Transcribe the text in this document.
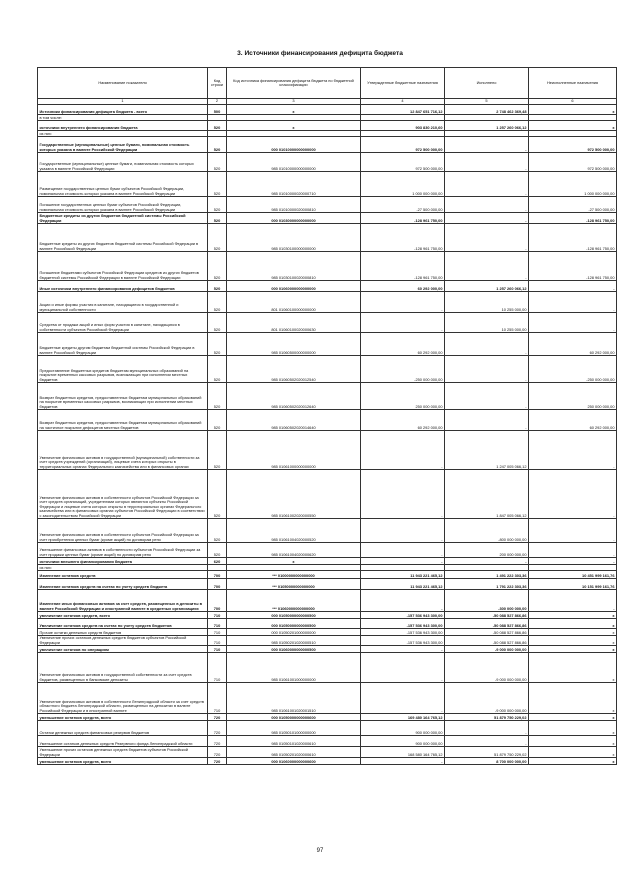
3. Источники финансирования дефицита бюджета
Наименование показателя	Код строки	Код источника финансирования дефицита бюджета по бюджетной классификации	Утвержденные бюджетные назначения	Исполнено	Неисполненные назначения
1	2	3	4	5	6
Источники финансирования дефицита бюджета - всего	500	x	12 847 651 716,12	2 748 462 369,48	x
в том числе:					
источники внутреннего финансирования бюджета	520	x	903 830 210,60	1 257 260 066,12	x
из них:					
Государственные (муниципальные) ценные бумаги, номинальная стоимость которых указана в валюте Российской Федерации	520	000 01010000000000000	972 500 000,00	-	972 500 000,00
Государственные (муниципальные) ценные бумаги, номинальная стоимость которых указана в валюте Российской Федерации	520	985 01010000000000000	972 500 000,00	-	972 500 000,00
Размещение государственных ценных бумаг субъектов Российской Федерации, номинальная стоимость которых указана в валюте Российской Федерации	520	985 01010000020000710	1 000 000 000,00	-	1 000 000 000,00
Погашение государственных ценных бумаг субъектов Российской Федерации, номинальная стоимость которых указана в валюте Российской Федерации	520	985 01010000020000810	-27 500 000,00	-	-27 500 000,00
Бюджетные кредиты из других бюджетов бюджетной системы Российской Федерации	520	000 01030000000000000	-128 961 750,00	-	-128 961 750,00
Бюджетные кредиты из других бюджетов бюджетной системы Российской Федерации в валюте Российской Федерации	520	985 01030100000000000	-128 961 750,00	-	-128 961 750,00
Погашение бюджетами субъектов Российской Федерации кредитов из других бюджетов бюджетной системы Российской Федерации в валюте Российской Федерации	520	985 01030100020000810	-128 961 750,00	-	-128 961 750,00
Иные источники внутреннего финансирования дефицитов бюджетов	520	000 01060000000000000	60 292 000,00	1 257 260 066,12	-
Акции и иные формы участия в капитале, находящиеся в государственной и муниципальной собственности	520	801 01060100000000000	-	10 255 000,00	-
Средства от продажи акций и иных форм участия в капитале, находящихся в собственности субъектов Российской Федерации	520	801 01060100020000630	-	10 255 000,00	-
Бюджетные кредиты другим бюджетам бюджетной системы Российской Федерации в валюте Российской Федерации	520	985 01060500000000000	60 292 000,00	-	60 292 000,00
Предоставление бюджетных кредитов бюджетам муниципальных образований на покрытие временных кассовых разрывов, возникающих при исполнении местных бюджетов	520	985 01060502020012540	-250 000 000,00	-	-250 000 000,00
Возврат бюджетных кредитов, предоставленных бюджетам муниципальных образований на покрытие временных кассовых разрывов, возникающих при исполнении местных бюджетов	520	985 01060502020012640	250 000 000,00	-	250 000 000,00
Возврат бюджетных кредитов, предоставленных бюджетам муниципальных образований на частичное покрытие дефицитов местных бюджетов	520	985 01060502020014640	60 292 000,00	-	60 292 000,00
Увеличение финансовых активов в государственной (муниципальной) собственности за счет средств учреждений (организаций), лицевые счета которых открыты в территориальных органах Федерального казначейства или в финансовых органах	520	985 01061000000000000	-	1 247 005 066,12	-
Увеличение финансовых активов в собственности субъектов Российской Федерации за счет средств организаций, учредителями которых являются субъекты Российской Федерации и лицевые счета которых открыты в территориальных органах Федерального казначейства или в финансовых органах субъектов Российской Федерации в соответствии с законодательством Российской Федерации	520	985 01061002020000550	-	1 847 005 066,12	-
Увеличение финансовых активов в собственности субъектов Российской Федерации за счет приобретения ценных бумаг (кроме акций) по договорам репо	520	985 01061004020000520	-	-800 000 000,00	-
Уменьшение финансовых активов в собственности субъектов Российской Федерации за счет продажи ценных бумаг (кроме акций) по договорам репо	520	985 01061004020000620	-	200 000 000,00	-
источники внешнего финансирования бюджета	620	x	-	-	-
из них:					
Изменение остатков средств	700	*** 01000000000000000	11 943 221 465,12	1 491 222 303,36	10 451 999 161,76
Изменение остатков средств на счетах по учету средств бюджета	700	*** 01050000000000000	11 943 221 465,12	1 791 222 303,36	10 151 999 161,76
Изменение иных финансовых активов за счет средств, размещенных в депозиты в валюте Российской Федерации и иностранной валюте в кредитных организациях	700	*** 01060000000000000	-	-300 000 000,00	-
увеличение остатков средств, всего	710	000 01050000000000500	-157 536 943 300,00	-50 088 527 866,86	x
Увеличение остатков средств на счетах по учету средств бюджетов	710	000 01050000000000500	-157 536 943 300,00	-50 088 527 866,86	x
Прочие остатки денежных средств бюджетов	710	000 01050201000000000	-157 536 943 300,00	-50 088 527 866,86	x
Увеличение прочих остатков денежных средств бюджетов субъектов Российской Федерации	710	985 01050201020000510	-157 536 943 300,00	-50 088 527 866,86	x
увеличение остатков по операциям	710	000 01060000000000500	-	-9 000 000 000,00	x
Увеличение финансовых активов в государственной собственности за счет средств бюджетов, размещенных в банковские депозиты	710	985 01061001000000000	-	-9 000 000 000,00	x
Увеличение финансовых активов в собственности Ленинградской области за счет средств областного бюджета Ленинградской области, размещенных на депозитах в валюте Российской Федерации и в иностранной валюте	710	985 01061001020001510	-	-9 000 000 000,00	x
уменьшение остатков средств, всего	720	000 01050000000000600	169 480 164 765,12	51 879 750 229,02	x
Остатки денежных средств финансовых резервов бюджетов	720	985 01050101000000000	900 000 000,00	-	x
Уменьшение остатков денежных средств Резервного фонда Ленинградской области	720	985 01050101020000610	900 000 000,00	-	x
Уменьшение прочих остатков денежных средств бюджетов субъектов Российской Федерации	720	985 01050201020000610	168 580 164 765,12	51 879 750 229,02	x
уменьшение остатков средств, всего	720	000 01060000000000600	-	8 700 000 000,00	x
97
